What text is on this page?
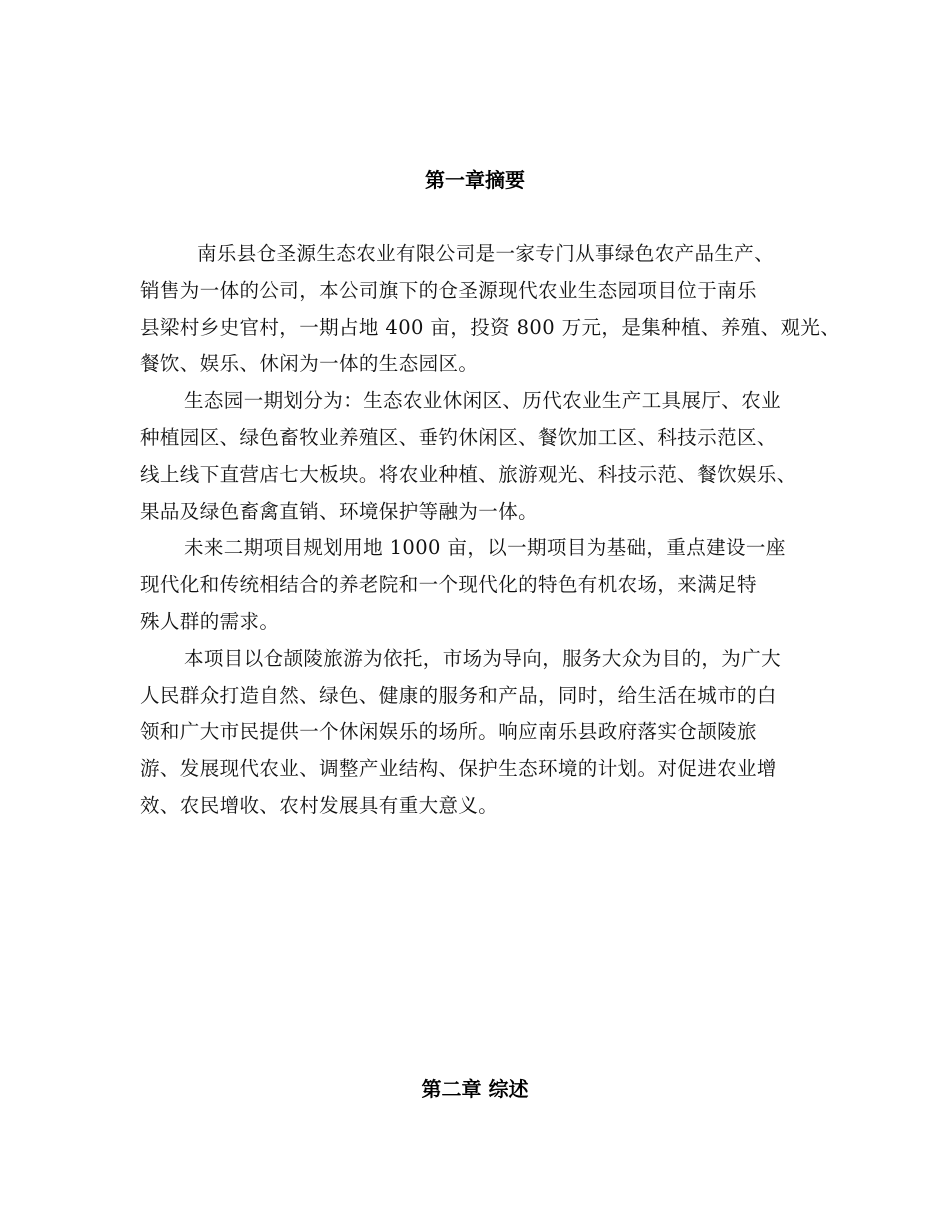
第一章摘要
南乐县仓圣源生态农业有限公司是一家专门从事绿色农产品生产、
销售为一体的公司，本公司旗下的仓圣源现代农业生态园项目位于南乐
县梁村乡史官村，一期占地 400 亩，投资 800 万元，是集种植、养殖、观光、
餐饮、娱乐、休闲为一体的生态园区。
生态园一期划分为：生态农业休闲区、历代农业生产工具展厅、农业
种植园区、绿色畜牧业养殖区、垂钓休闲区、餐饮加工区、科技示范区、
线上线下直营店七大板块。将农业种植、旅游观光、科技示范、餐饮娱乐、
果品及绿色畜禽直销、环境保护等融为一体。
未来二期项目规划用地 1000 亩，以一期项目为基础，重点建设一座
现代化和传统相结合的养老院和一个现代化的特色有机农场，来满足特
殊人群的需求。
本项目以仓颉陵旅游为依托，市场为导向，服务大众为目的，为广大
人民群众打造自然、绿色、健康的服务和产品，同时，给生活在城市的白
领和广大市民提供一个休闲娱乐的场所。响应南乐县政府落实仓颉陵旅
游、发展现代农业、调整产业结构、保护生态环境的计划。对促进农业增
效、农民增收、农村发展具有重大意义。
第二章 综述
